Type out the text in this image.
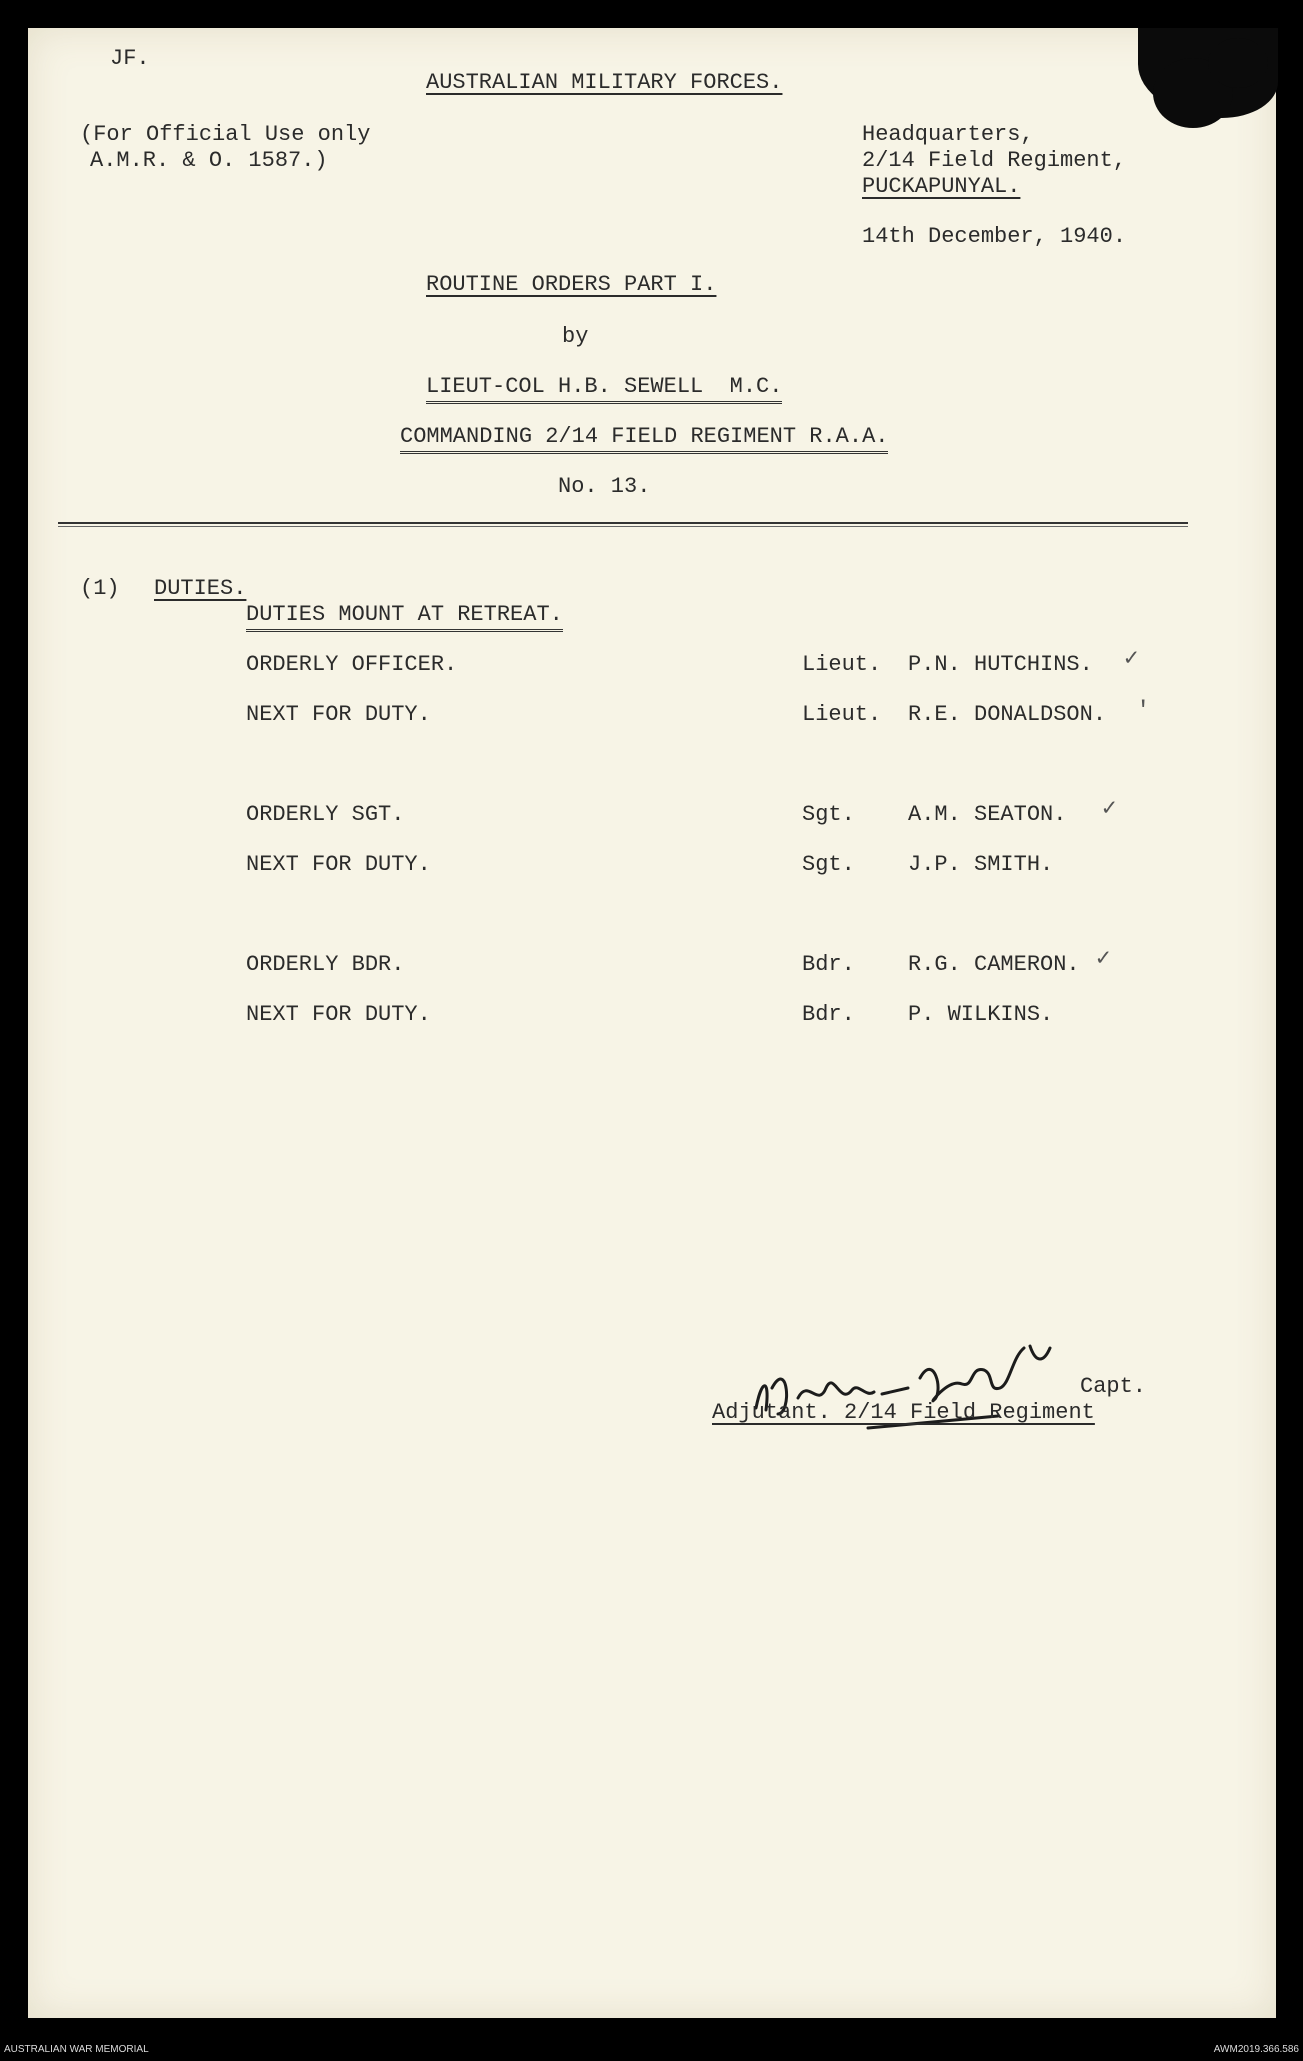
JF.
AUSTRALIAN MILITARY FORCES.
(For Official Use only
A.M.R. & O. 1587.)
Headquarters,
2/14 Field Regiment,
PUCKAPUNYAL.
14th December, 1940.
ROUTINE ORDERS PART I.
by
LIEUT-COL H.B. SEWELL  M.C.
COMMANDING 2/14 FIELD REGIMENT R.A.A.
No. 13.
(1) DUTIES.
DUTIES MOUNT AT RETREAT.
ORDERLY OFFICER.	Lieut. P.N. HUTCHINS. ✓
NEXT FOR DUTY.	Lieut. R.E. DONALDSON. '
ORDERLY SGT.	Sgt. A.M. SEATON. ✓
NEXT FOR DUTY.	Sgt. J.P. SMITH.
ORDERLY BDR.	Bdr. R.G. CAMERON. ✓
NEXT FOR DUTY.	Bdr. P. WILKINS.
Capt.
Adjutant. 2/14 Field Regiment
AUSTRALIAN WAR MEMORIAL	AWM2019.366.586
